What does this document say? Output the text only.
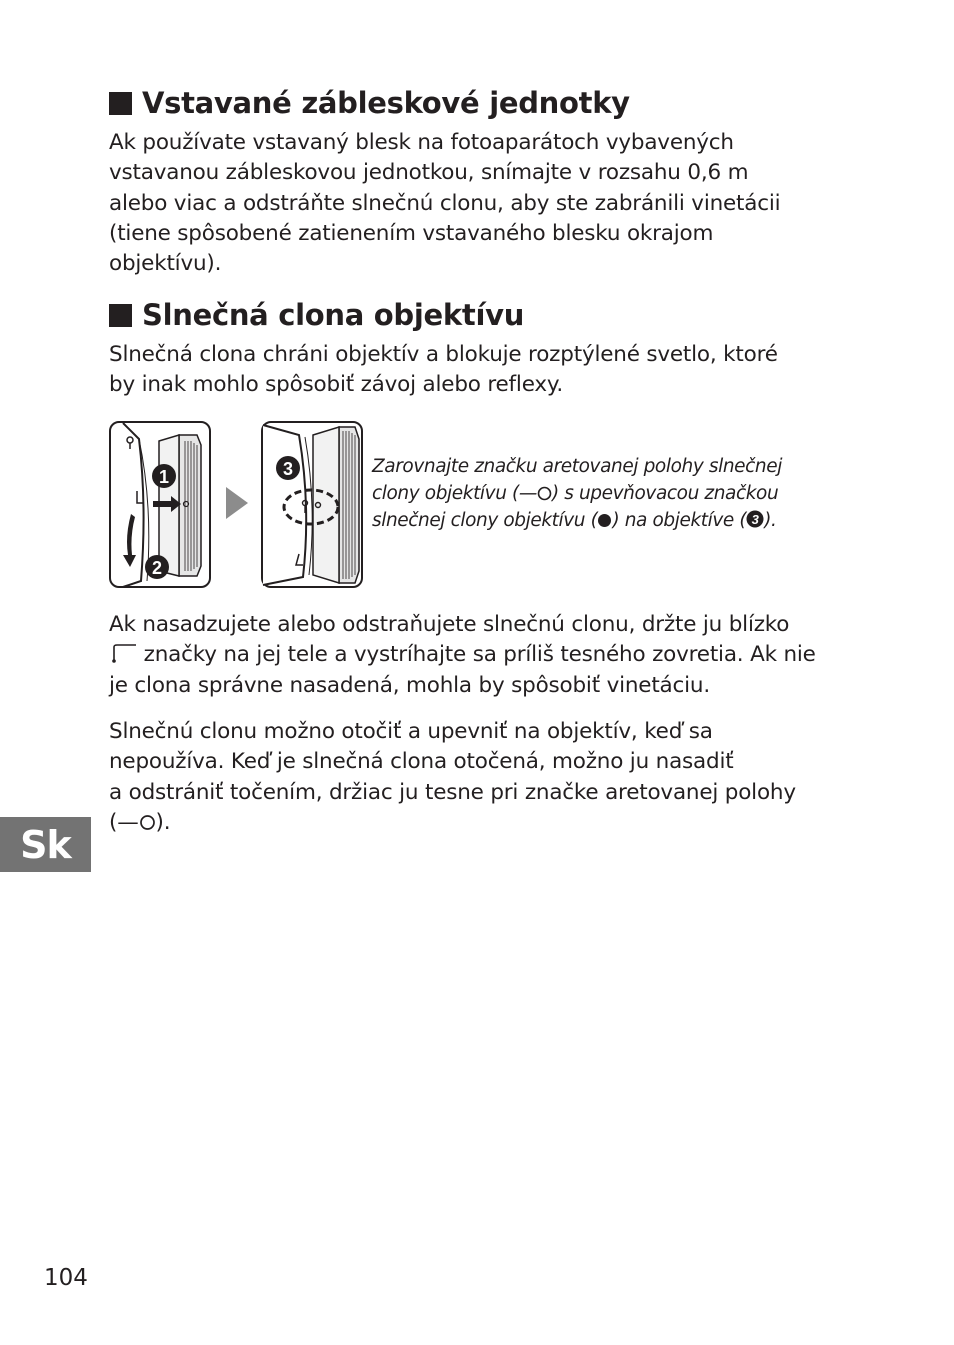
Vstavané zábleskové jednotky

Ak používate vstavaný blesk na fotoaparátoch vybavených
vstavanou zábleskovou jednotkou, snímajte v rozsahu 0,6 m
alebo viac a odstráňte slnečnú clonu, aby ste zabránili vinetácii
(tiene spôsobené zatienením vstavaného blesku okrajom
objektívu).

Slnečná clona objektívu

Slnečná clona chráni objektív a blokuje rozptýlené svetlo, ktoré
by inak mohlo spôsobiť závoj alebo reflexy.

1
2
3	Zarovnajte značku aretovanej polohy slnečnej
clony objektívu (— ) s upevňovacou značkou
slnečnej clony objektívu ( ) na objektíve ( 3 ).

Ak nasadzujete alebo odstraňujete slnečnú clonu, držte ju blízko
značky na jej tele a vystríhajte sa príliš tesného zovretia. Ak nie
je clona správne nasadená, mohla by spôsobiť vinetáciu.

Slnečnú clonu možno otočiť a upevniť na objektív, keď sa
nepoužíva. Keď je slnečná clona otočená, možno ju nasadiť
a odstrániť točením, držiac ju tesne pri značke aretovanej polohy
(— ).

Sk
104
